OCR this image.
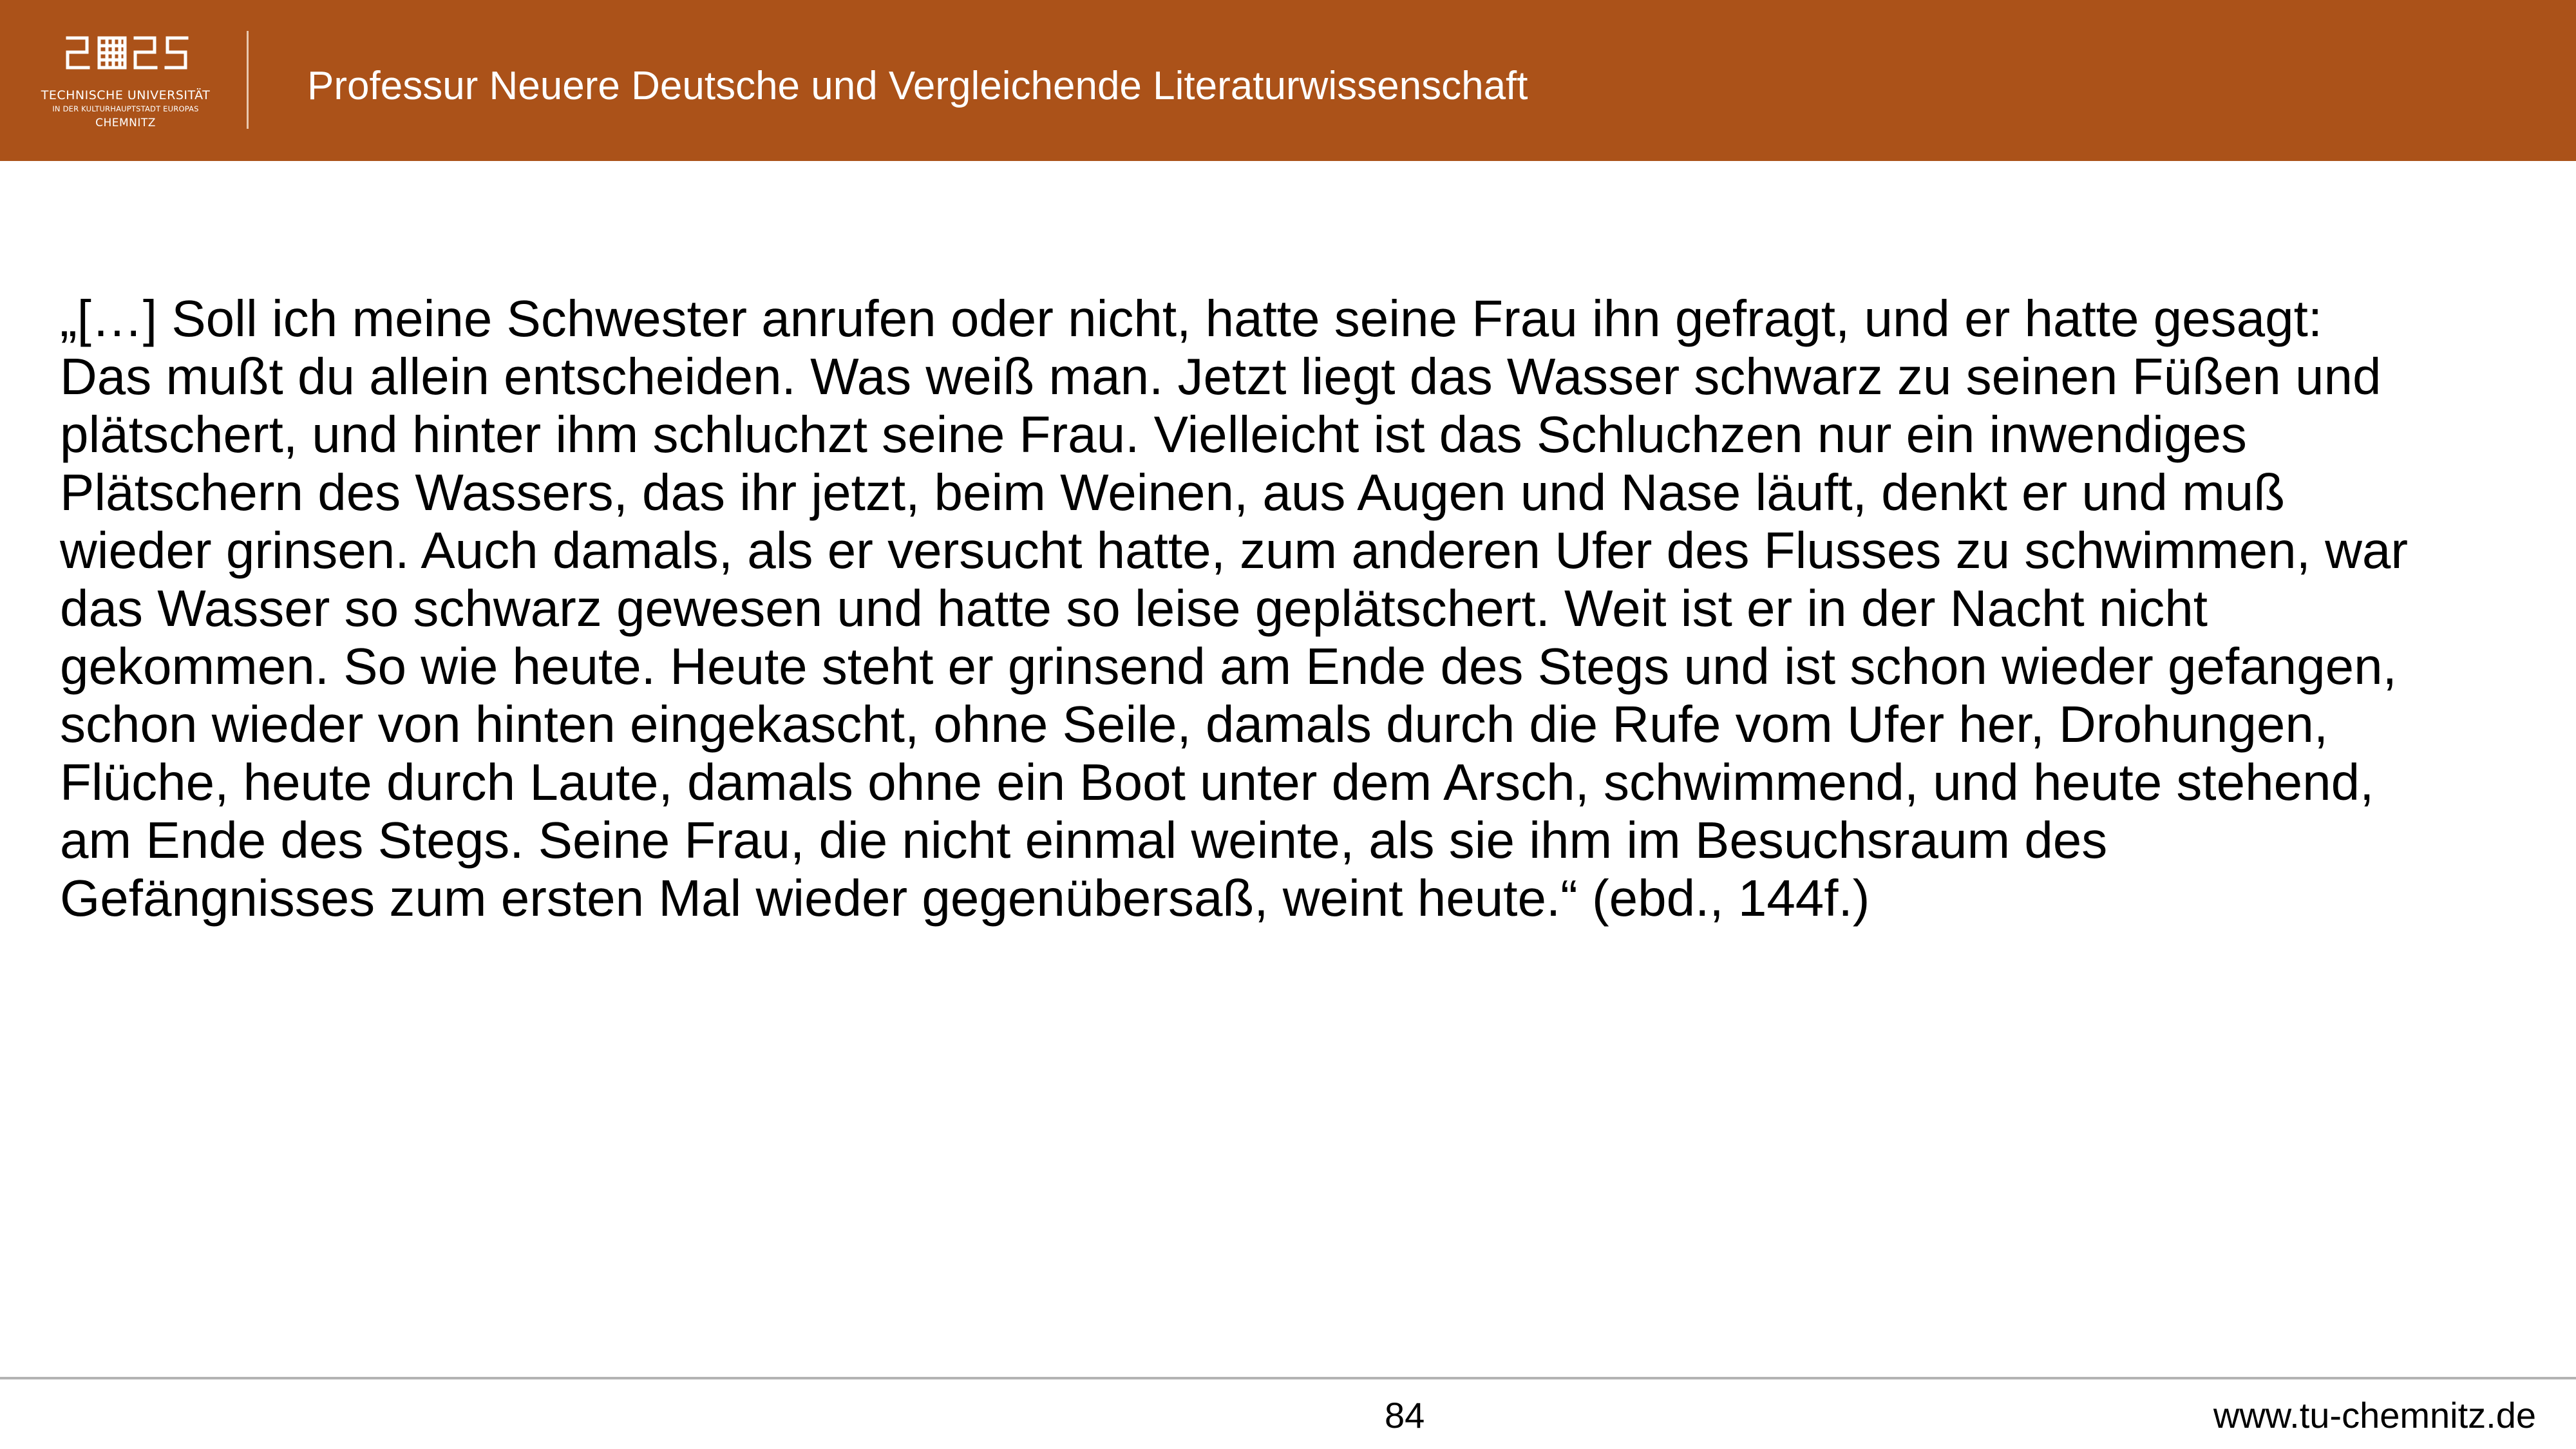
TECHNISCHE UNIVERSITÄT
IN DER KULTURHAUPTSTADT EUROPAS
CHEMNITZ
Professur Neuere Deutsche und Vergleichende Literaturwissenschaft

„[…] Soll ich meine Schwester anrufen oder nicht, hatte seine Frau ihn gefragt, und er hatte gesagt:
Das mußt du allein entscheiden. Was weiß man. Jetzt liegt das Wasser schwarz zu seinen Füßen und
plätschert, und hinter ihm schluchzt seine Frau. Vielleicht ist das Schluchzen nur ein inwendiges
Plätschern des Wassers, das ihr jetzt, beim Weinen, aus Augen und Nase läuft, denkt er und muß
wieder grinsen. Auch damals, als er versucht hatte, zum anderen Ufer des Flusses zu schwimmen, war
das Wasser so schwarz gewesen und hatte so leise geplätschert. Weit ist er in der Nacht nicht
gekommen. So wie heute. Heute steht er grinsend am Ende des Stegs und ist schon wieder gefangen,
schon wieder von hinten eingekascht, ohne Seile, damals durch die Rufe vom Ufer her, Drohungen,
Flüche, heute durch Laute, damals ohne ein Boot unter dem Arsch, schwimmend, und heute stehend,
am Ende des Stegs. Seine Frau, die nicht einmal weinte, als sie ihm im Besuchsraum des
Gefängnisses zum ersten Mal wieder gegenübersaß, weint heute.“ (ebd., 144f.)

84	www.tu-chemnitz.de
